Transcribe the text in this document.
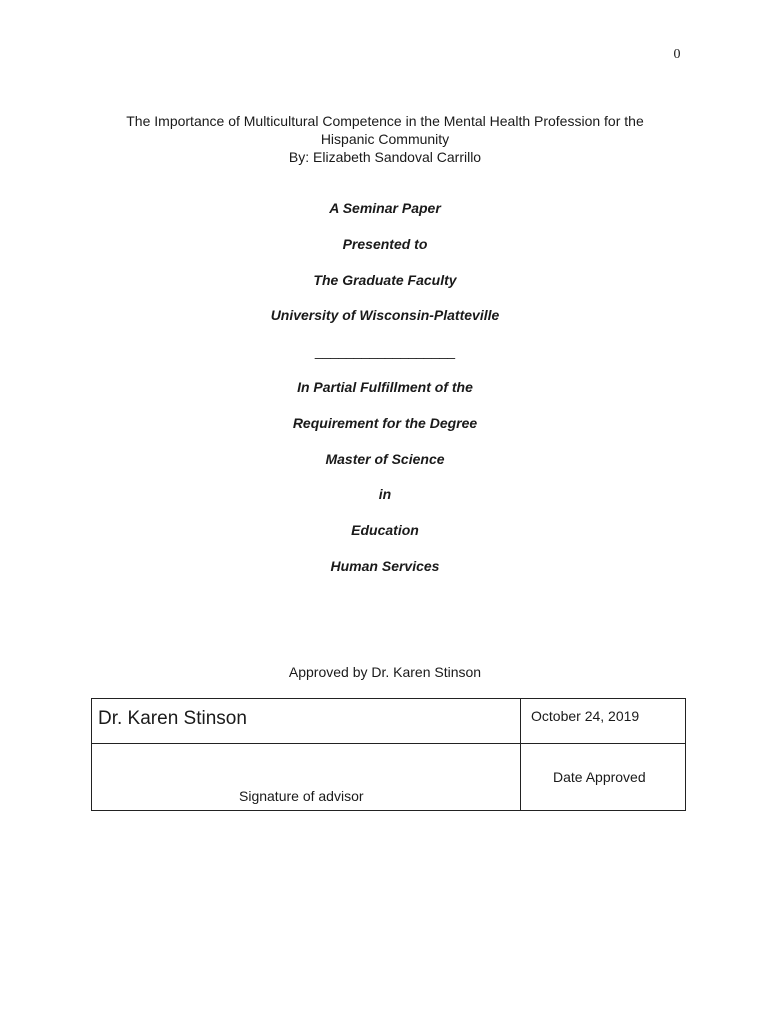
0
The Importance of Multicultural Competence in the Mental Health Profession for the
Hispanic Community
By: Elizabeth Sandoval Carrillo
A Seminar Paper
Presented to
The Graduate Faculty
University of Wisconsin-Platteville
__________________
In Partial Fulfillment of the
Requirement for the Degree
Master of Science
in
Education
Human Services
Approved by Dr. Karen Stinson
Dr. Karen Stinson	October 24, 2019
Signature of advisor
Date Approved
